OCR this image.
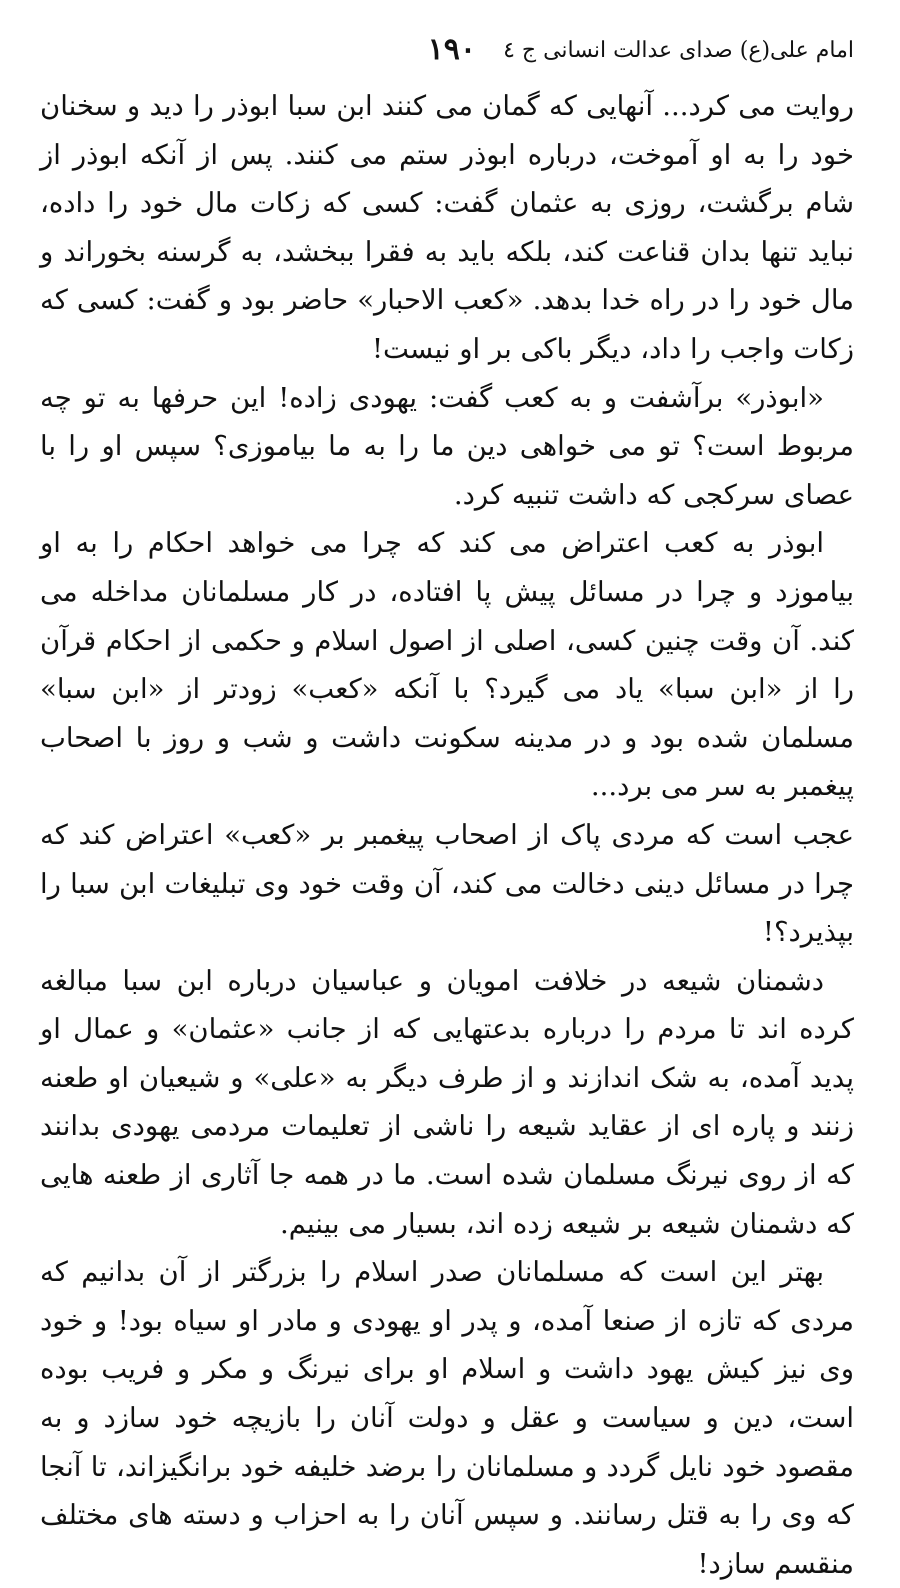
امام علی(ع) صدای عدالت انسانی ج ٤
۱۹۰

روایت می کرد... آنهایی که گمان می کنند ابن سبا ابوذر را دید و سخنان خود را به او آموخت، درباره ابوذر ستم می کنند. پس از آنکه ابوذر از شام برگشت، روزی به عثمان گفت: کسی که زکات مال خود را داده، نباید تنها بدان قناعت کند، بلکه باید به فقرا ببخشد، به گرسنه بخوراند و مال خود را در راه خدا بدهد. «کعب الاحبار» حاضر بود و گفت: کسی که زکات واجب را داد، دیگر باکی بر او نیست!

«ابوذر» برآشفت و به کعب گفت: یهودی زاده! این حرفها به تو چه مربوط است؟ تو می خواهی دین ما را به ما بیاموزی؟ سپس او را با عصای سرکجی که داشت تنبیه کرد.

ابوذر به کعب اعتراض می کند که چرا می خواهد احکام را به او بیاموزد و چرا در مسائل پیش پا افتاده، در کار مسلمانان مداخله می کند. آن وقت چنین کسی، اصلی از اصول اسلام و حکمی از احکام قرآن را از «ابن سبا» یاد می گیرد؟ با آنکه «کعب» زودتر از «ابن سبا» مسلمان شده بود و در مدینه سکونت داشت و شب و روز با اصحاب پیغمبر به سر می برد...

عجب است که مردی پاک از اصحاب پیغمبر بر «کعب» اعتراض کند که چرا در مسائل دینی دخالت می کند، آن وقت خود وی تبلیغات ابن سبا را بپذیرد؟!

دشمنان شیعه در خلافت امویان و عباسیان درباره ابن سبا مبالغه کرده اند تا مردم را درباره بدعتهایی که از جانب «عثمان» و عمال او پدید آمده، به شک اندازند و از طرف دیگر به «علی» و شیعیان او طعنه زنند و پاره ای از عقاید شیعه را ناشی از تعلیمات مردمی یهودی بدانند که از روی نیرنگ مسلمان شده است. ما در همه جا آثاری از طعنه هایی که دشمنان شیعه بر شیعه زده اند، بسیار می بینیم.

بهتر این است که مسلمانان صدر اسلام را بزرگتر از آن بدانیم که مردی که تازه از صنعا آمده، و پدر او یهودی و مادر او سیاه بود! و خود وی نیز کیش یهود داشت و اسلام او برای نیرنگ و مکر و فریب بوده است، دین و سیاست و عقل و دولت آنان را بازیچه خود سازد و به مقصود خود نایل گردد و مسلمانان را برضد خلیفه خود برانگیزاند، تا آنجا که وی را به قتل رسانند. و سپس آنان را به احزاب و دسته های مختلف منقسم سازد!
